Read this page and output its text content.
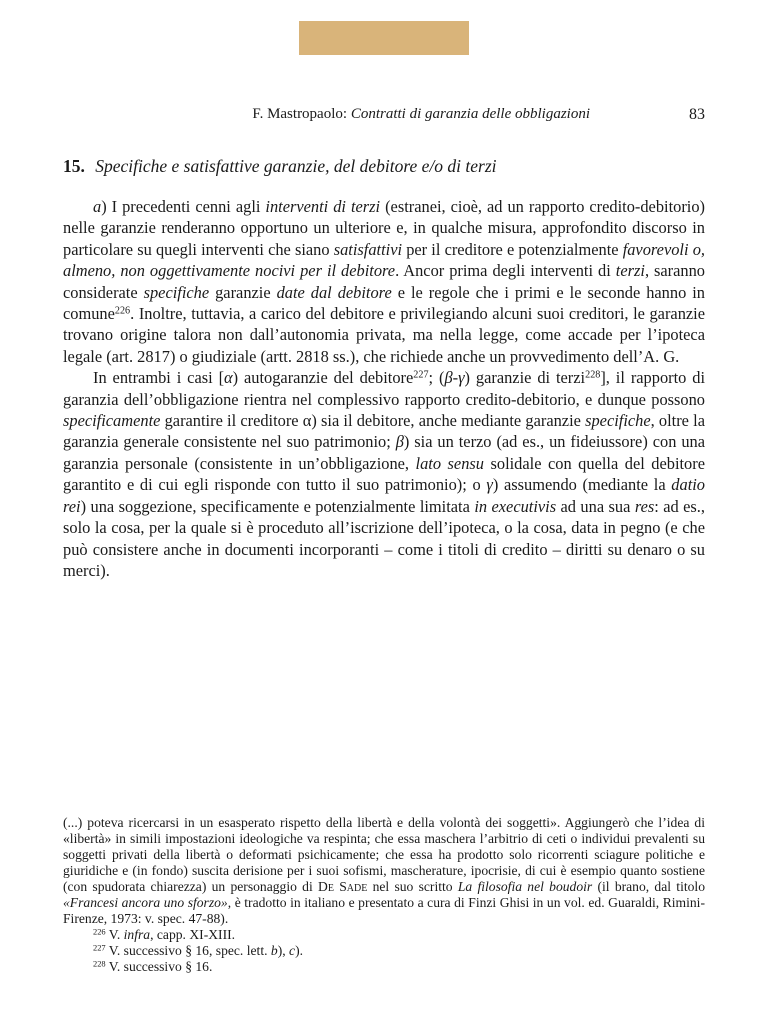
F. Mastropaolo: Contratti di garanzia delle obbligazioni	83
15. Specifiche e satisfattive garanzie, del debitore e/o di terzi

a) I precedenti cenni agli interventi di terzi (estranei, cioè, ad un rapporto credito-debitorio) nelle garanzie renderanno opportuno un ulteriore e, in qualche misura, approfondito discorso in particolare su quegli interventi che siano satisfattivi per il creditore e potenzialmente favorevoli o, almeno, non oggettivamente nocivi per il debitore. Ancor prima degli interventi di terzi, saranno considerate specifiche garanzie date dal debitore e le regole che i primi e le seconde hanno in comune$^{226}$. Inoltre, tuttavia, a carico del debitore e privilegiando alcuni suoi creditori, le garanzie trovano origine talora non dall’autonomia privata, ma nella legge, come accade per l’ipoteca legale (art. 2817) o giudiziale (artt. 2818 ss.), che richiede anche un provvedimento dell’A. G.

In entrambi i casi [α) autogaranzie del debitore$^{227}$; (β-γ) garanzie di terzi$^{228}$], il rapporto di garanzia dell’obbligazione rientra nel complessivo rapporto credito-debitorio, e dunque possono specificamente garantire il creditore α) sia il debitore, anche mediante garanzie specifiche, oltre la garanzia generale consistente nel suo patrimonio; β) sia un terzo (ad es., un fideiussore) con una garanzia personale (consistente in un’obbligazione, lato sensu solidale con quella del debitore garantito e di cui egli risponde con tutto il suo patrimonio); o γ) assumendo (mediante la datio rei) una soggezione, specificamente e potenzialmente limitata in executivis ad una sua res: ad es., solo la cosa, per la quale si è proceduto all’iscrizione dell’ipoteca, o la cosa, data in pegno (e che può consistere anche in documenti incorporanti – come i titoli di credito – diritti su denaro o su merci).

(...) poteva ricercarsi in un esasperato rispetto della libertà e della volontà dei soggetti». Aggiungerò che l’idea di «libertà» in simili impostazioni ideologiche va respinta; che essa maschera l’arbitrio di ceti o individui prevalenti su soggetti privati della libertà o deformati psichicamente; che essa ha prodotto solo ricorrenti sciagure politiche e giuridiche e (in fondo) suscita derisione per i suoi sofismi, mascherature, ipocrisie, di cui è esempio quanto sostiene (con spudorata chiarezza) un personaggio di De Sade nel suo scritto La filosofia nel boudoir (il brano, dal titolo «Francesi ancora uno sforzo», è tradotto in italiano e presentato a cura di Finzi Ghisi in un vol. ed. Guaraldi, Rimini-Firenze, 1973: v. spec. 47-88).

$^{226}$ V. infra, capp. XI-XIII.

$^{227}$ V. successivo § 16, spec. lett. b), c).

$^{228}$ V. successivo § 16.
